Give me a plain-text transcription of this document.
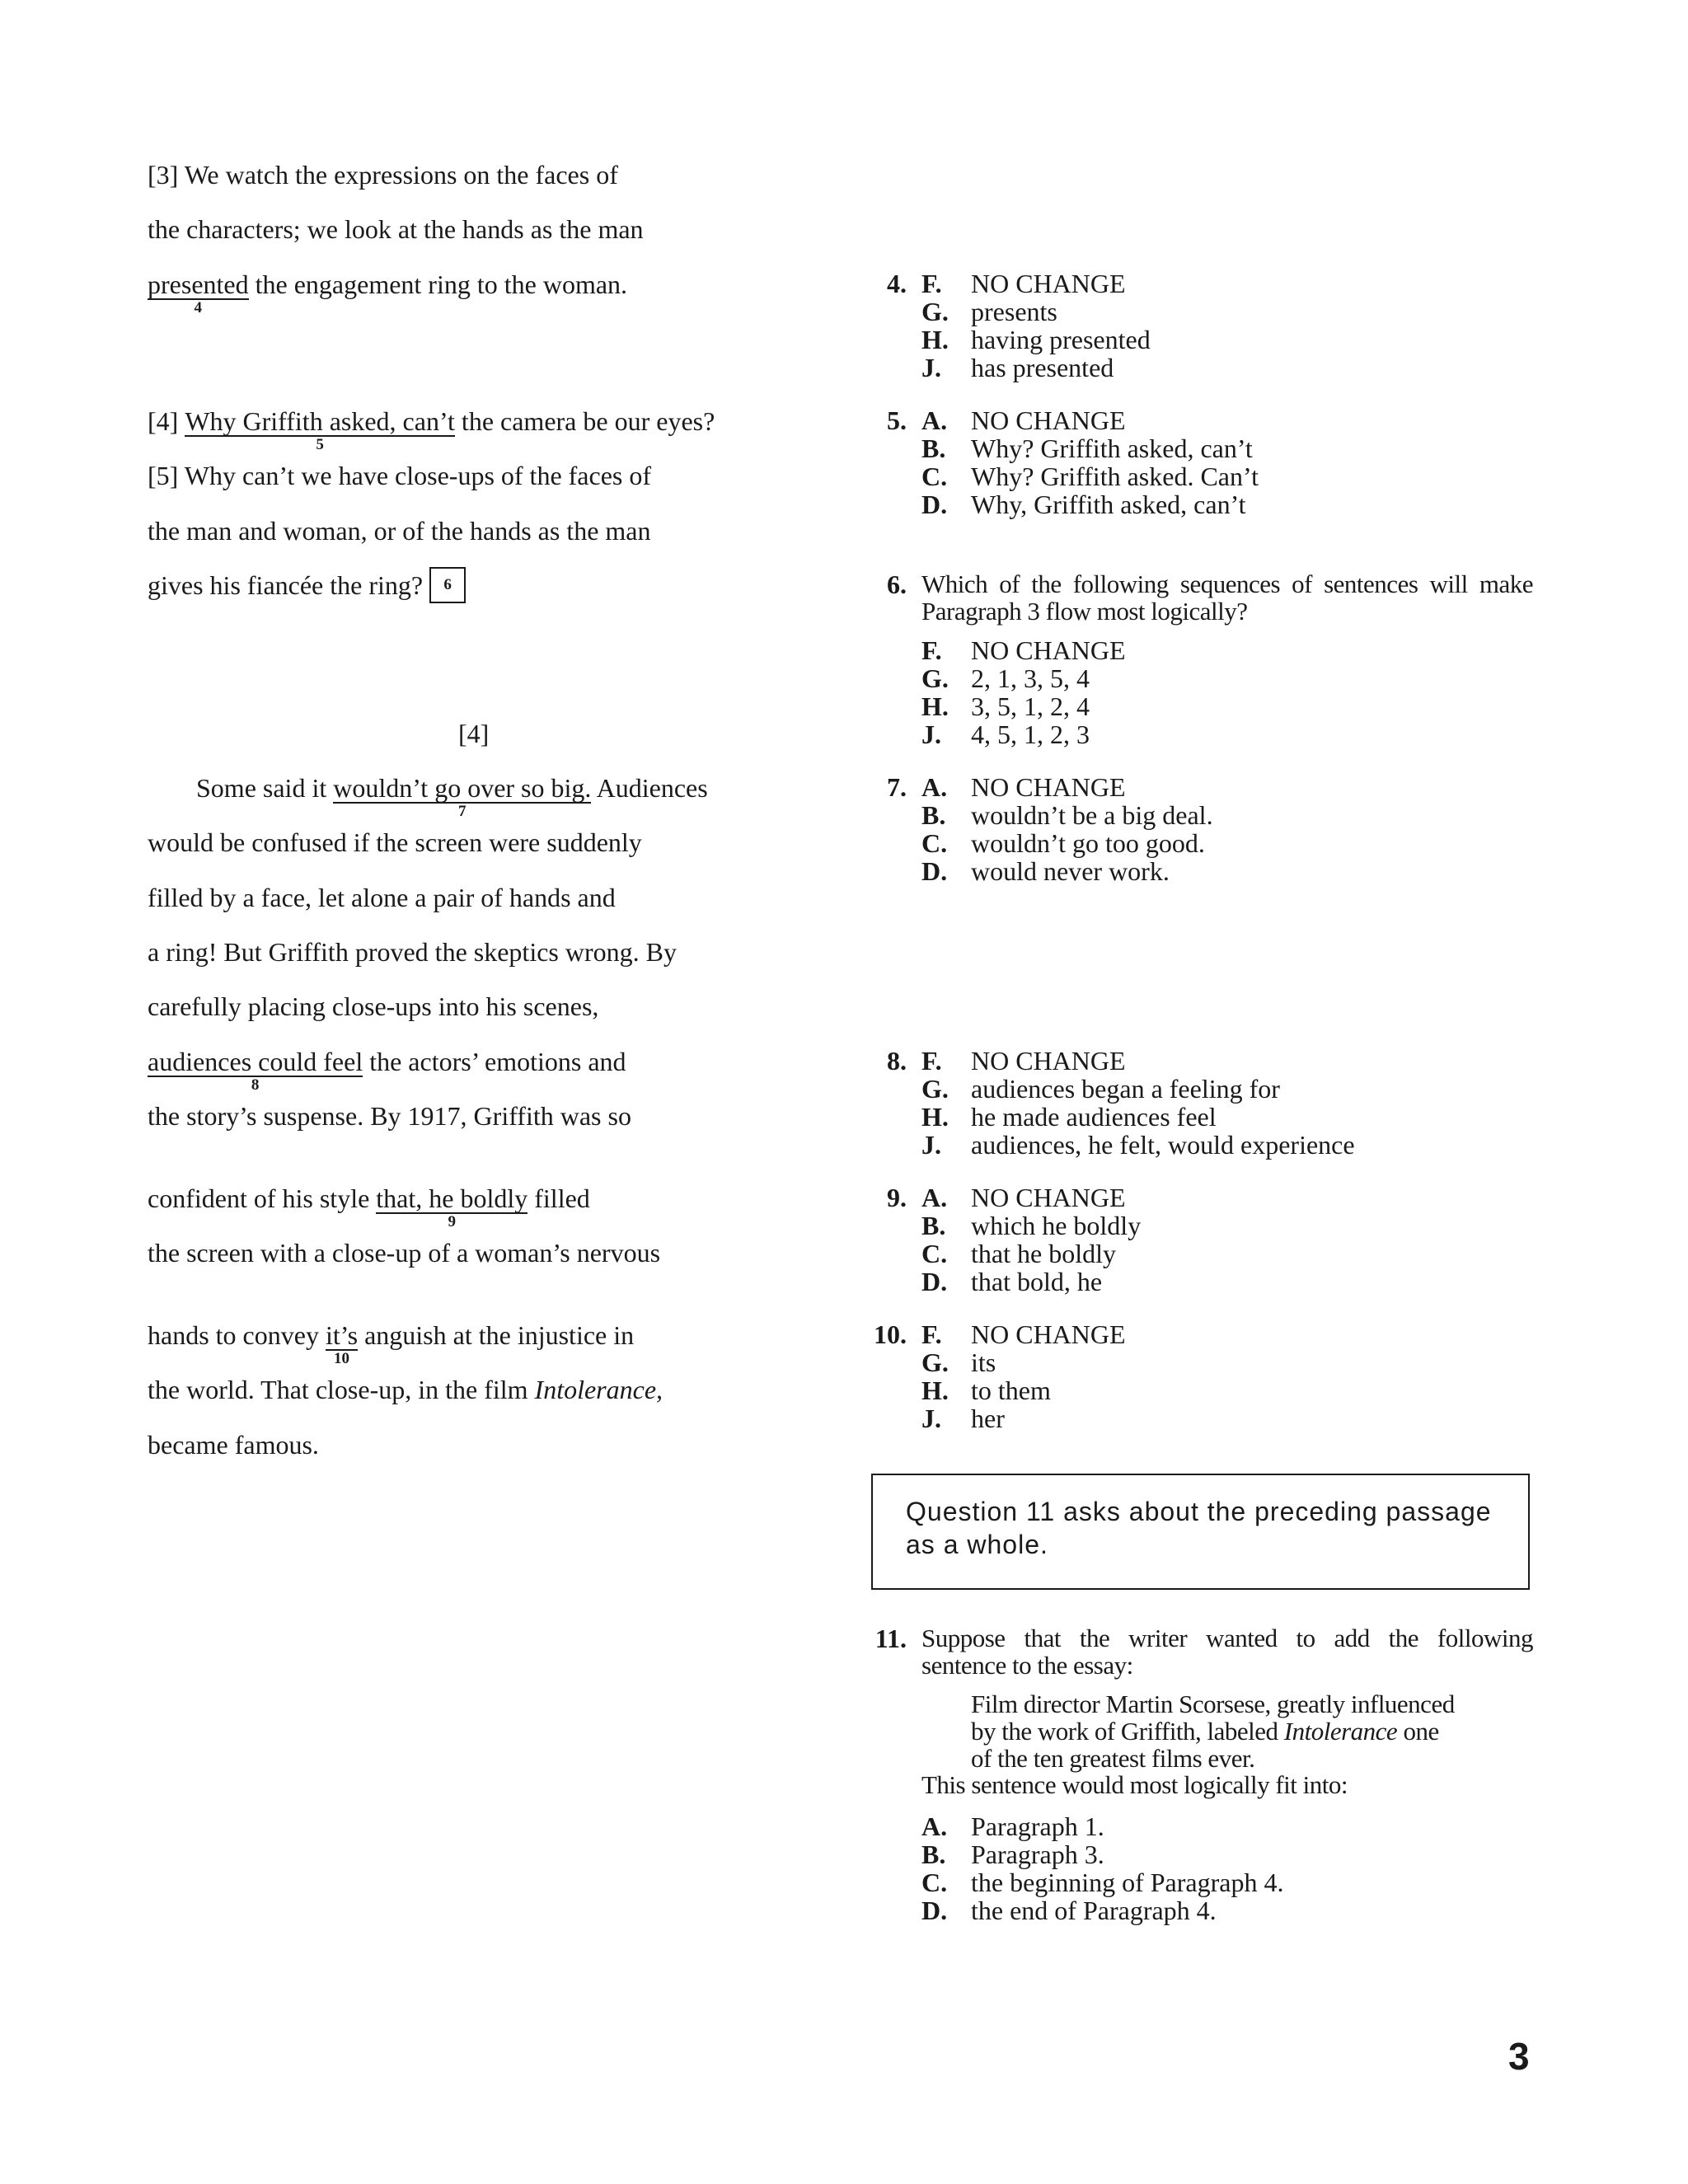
[3] We watch the expressions on the faces of
the characters; we look at the hands as the man
presented
4
the engagement ring to the woman.
[4] Why Griffith asked, can’t
5
the camera be our eyes?
[5] Why can’t we have close-ups of the faces of
the man and woman, or of the hands as the man
gives his fiancée the ring? 6
[4]
Some said it wouldn’t go over so big.
7
Audiences
would be confused if the screen were suddenly
filled by a face, let alone a pair of hands and
a ring! But Griffith proved the skeptics wrong. By
carefully placing close-ups into his scenes,
audiences could feel
8
the actors’ emotions and
the story’s suspense. By 1917, Griffith was so
confident of his style that, he boldly
9
filled
the screen with a close-up of a woman’s nervous
hands to convey it’s
10
anguish at the injustice in
the world. That close-up, in the film Intolerance,
became famous.
4. F.	NO CHANGE
G. presents
H. having presented
J.	has presented
5. A. NO CHANGE
B. Why? Griffith asked, can’t
C. Why? Griffith asked. Can’t
D. Why, Griffith asked, can’t
6. Which of the following sequences of sentences will make
Paragraph 3 flow most logically?
F.	NO CHANGE
G. 2, 1, 3, 5, 4
H. 3, 5, 1, 2, 4
J.	4, 5, 1, 2, 3
7. A. NO CHANGE
B. wouldn’t be a big deal.
C. wouldn’t go too good.
D. would never work.
8. F.	NO CHANGE
G. audiences began a feeling for
H. he made audiences feel
J.	audiences, he felt, would experience
9. A. NO CHANGE
B. which he boldly
C. that he boldly
D. that bold, he
10. F.	NO CHANGE
G. its
H. to them
J.	her
Question 11 asks about the preceding passage as a whole.
11. Suppose that the writer wanted to add the following
sentence to the essay:
Film director Martin Scorsese, greatly influenced
by the work of Griffith, labeled Intolerance one
of the ten greatest films ever.
This sentence would most logically fit into:
A. Paragraph 1.
B. Paragraph 3.
C. the beginning of Paragraph 4.
D. the end of Paragraph 4.
3
